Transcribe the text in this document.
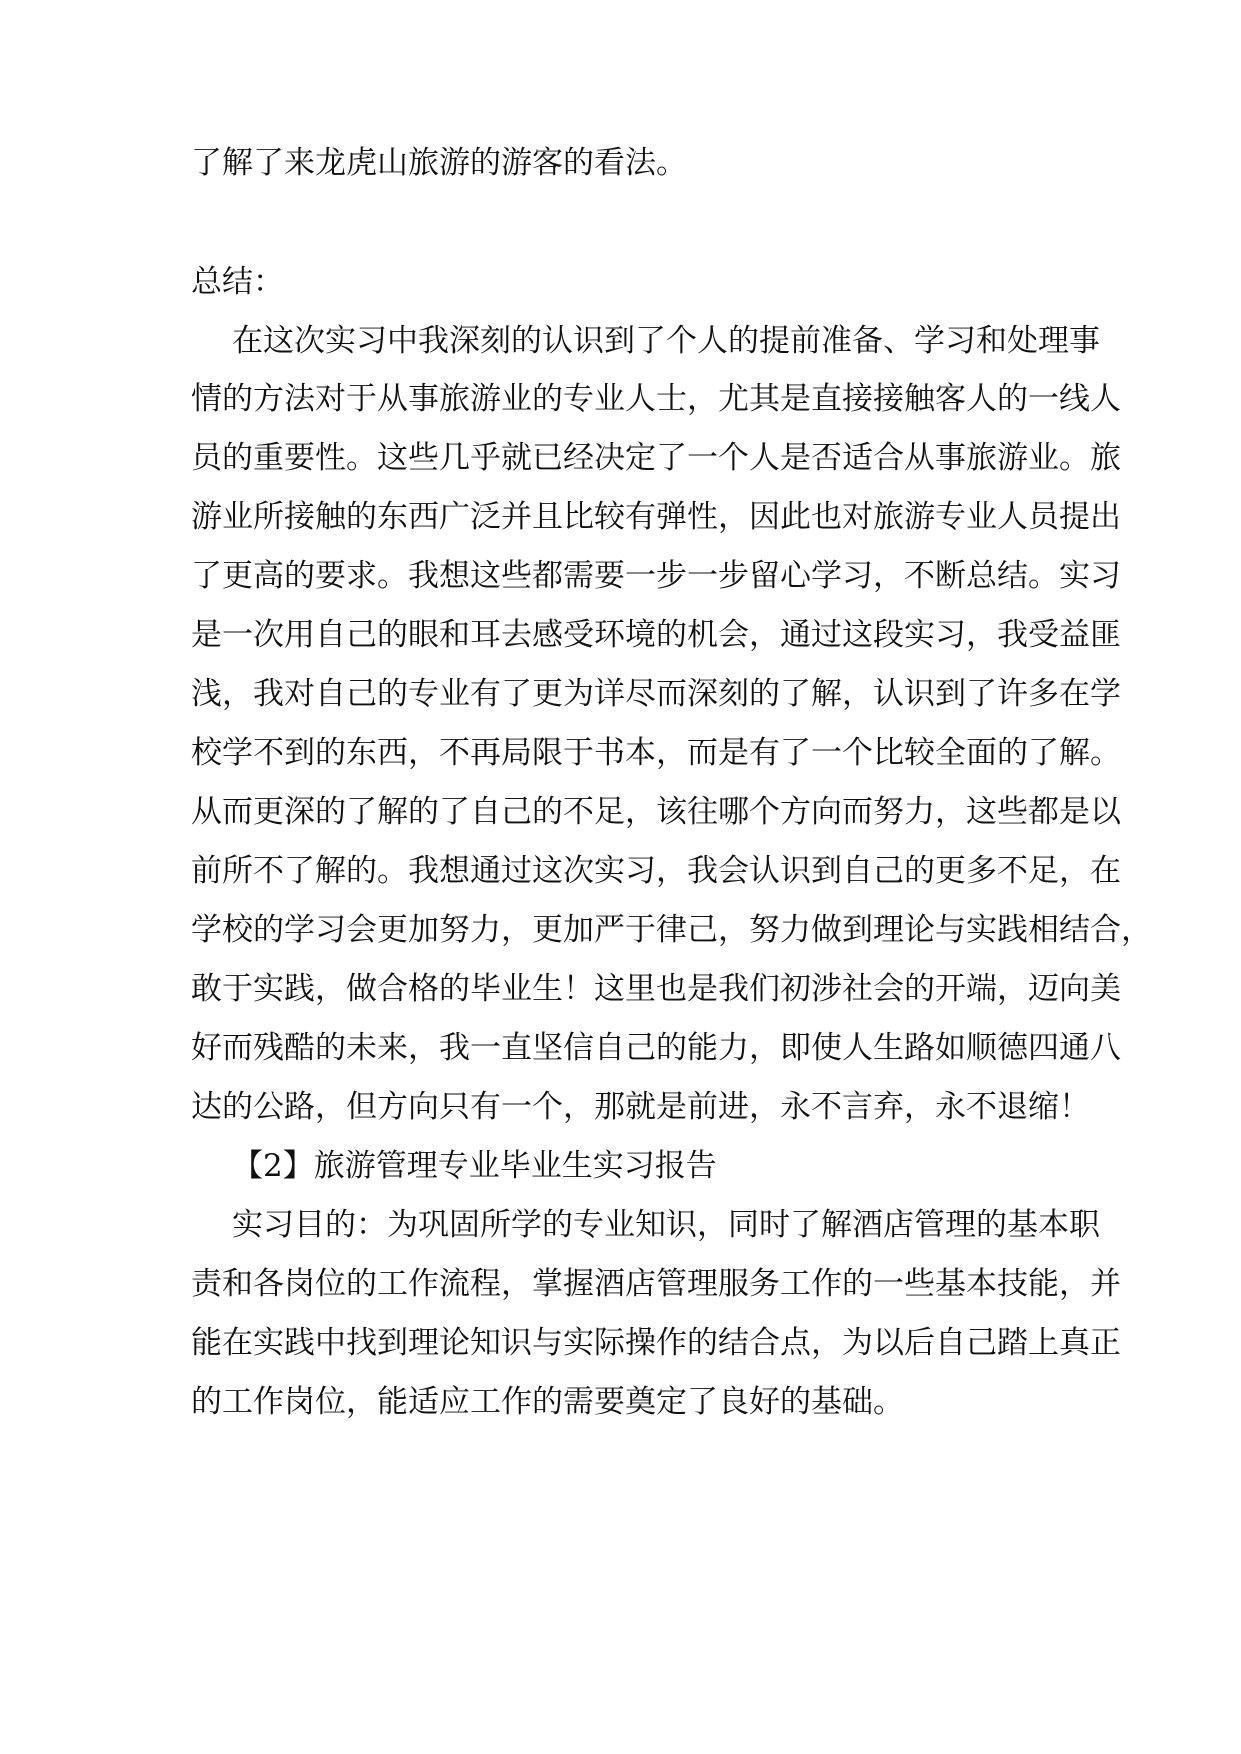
了解了来龙虎山旅游的游客的看法。

总结：

在这次实习中我深刻的认识到了个人的提前准备、学习和处理事

情的方法对于从事旅游业的专业人士，尤其是直接接触客人的一线人

员的重要性。这些几乎就已经决定了一个人是否适合从事旅游业。旅

游业所接触的东西广泛并且比较有弹性，因此也对旅游专业人员提出

了更高的要求。我想这些都需要一步一步留心学习，不断总结。实习

是一次用自己的眼和耳去感受环境的机会，通过这段实习，我受益匪

浅，我对自己的专业有了更为详尽而深刻的了解，认识到了许多在学

校学不到的东西，不再局限于书本，而是有了一个比较全面的了解。

从而更深的了解的了自己的不足，该往哪个方向而努力，这些都是以

前所不了解的。我想通过这次实习，我会认识到自己的更多不足，在

学校的学习会更加努力，更加严于律己，努力做到理论与实践相结合，

敢于实践，做合格的毕业生！这里也是我们初涉社会的开端，迈向美

好而残酷的未来，我一直坚信自己的能力，即使人生路如顺德四通八

达的公路，但方向只有一个，那就是前进，永不言弃，永不退缩！

【2】旅游管理专业毕业生实习报告

实习目的：为巩固所学的专业知识，同时了解酒店管理的基本职

责和各岗位的工作流程，掌握酒店管理服务工作的一些基本技能，并

能在实践中找到理论知识与实际操作的结合点，为以后自己踏上真正

的工作岗位，能适应工作的需要奠定了良好的基础。
